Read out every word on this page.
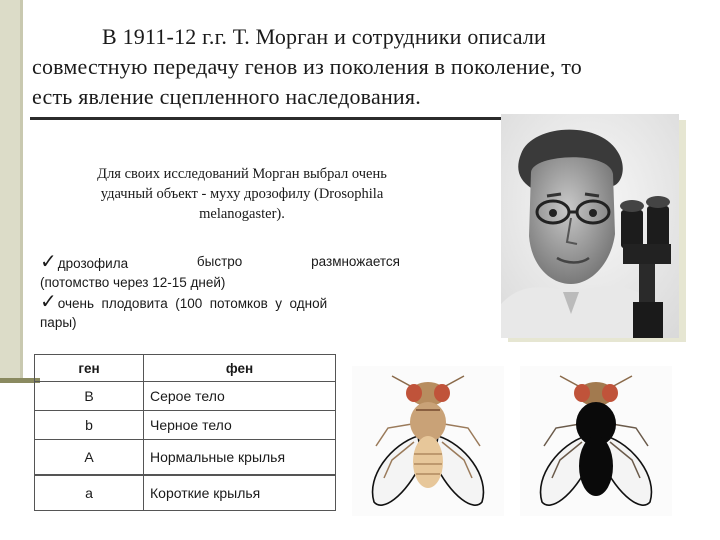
В 1911-12 г.г. Т. Морган и сотрудники описали
совместную передачу генов из поколения в поколение, то
есть явление сцепленного наследования.
Для своих исследований Морган выбрал очень
удачный объект - муху дрозофилу (Drosophila
melanogaster).
✓дрозофила	быстро	размножается
(потомство через 12-15 дней)
✓очень  плодовита  (100  потомков  у  одной
пары)
ген	фен
B	Серое тело
b	Черное тело
A	Нормальные крылья
a	Короткие крылья
